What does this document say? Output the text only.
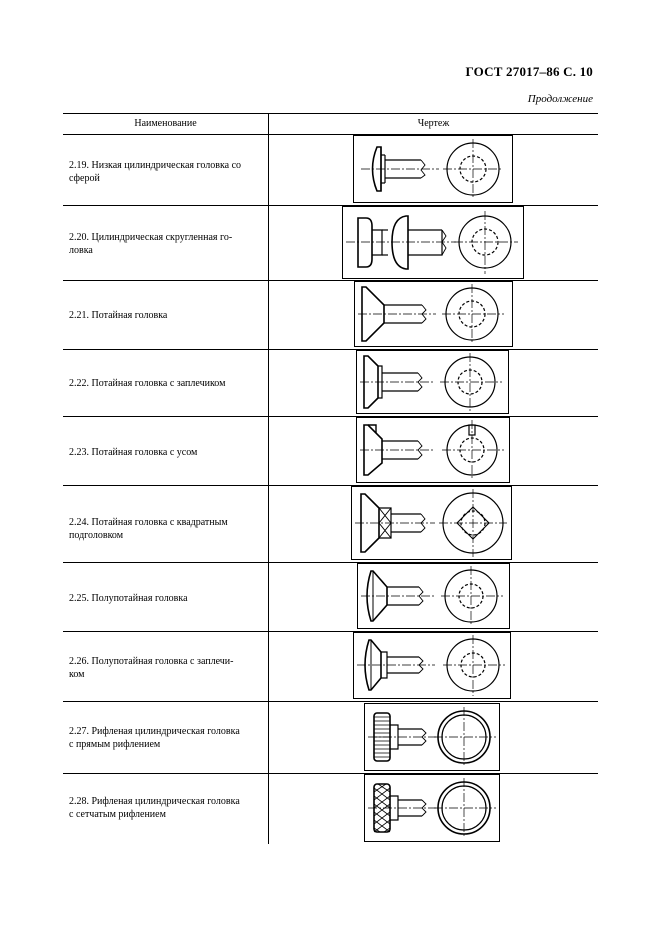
ГОСТ 27017–86 С. 10
Продолжение
Наименование	Чертеж
2.19. Низкая цилиндрическая головка со
сферой
2.20. Цилиндрическая скругленная го-
ловка
2.21. Потайная головка
2.22. Потайная головка с заплечиком
2.23. Потайная головка с усом
2.24. Потайная головка с квадратным
подголовком
2.25. Полупотайная головка
2.26. Полупотайная головка с заплечи-
ком
2.27. Рифленая цилиндрическая головка
с прямым рифлением
2.28. Рифленая цилиндрическая головка
с сетчатым рифлением
